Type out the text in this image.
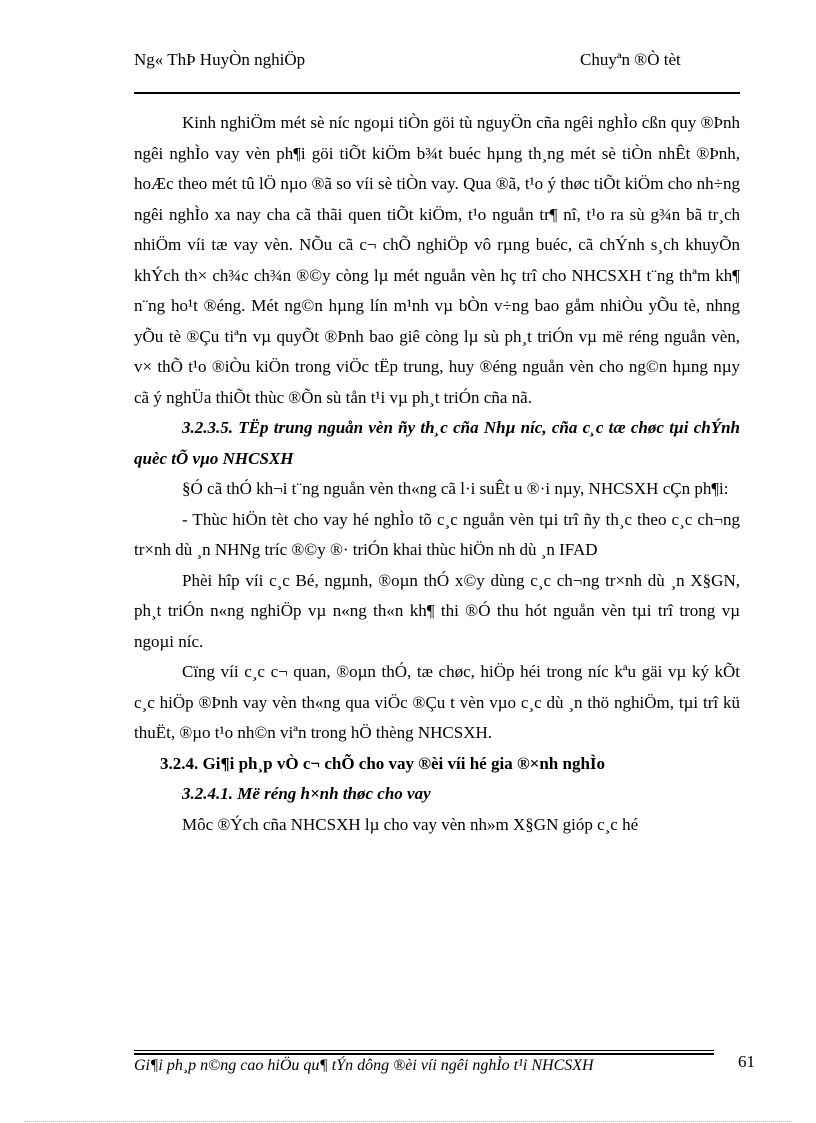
Ng« ThÞ HuyÒn nghiÖp	Chuyªn ®Ò tèt

Kinh nghiÖm mét sè níc ngoµi tiÒn göi tù nguyÖn cña ngêi nghÌo cßn quy ®Þnh ngêi nghÌo vay vèn ph¶i göi tiÕt kiÖm b¾t buéc hµng th¸ng mét sè tiÒn nhÊt ®Þnh, hoÆc theo mét tû lÖ nµo ®ã so víi sè tiÒn vay. Qua ®ã, t¹o ý thøc tiÕt kiÖm cho nh÷ng ngêi nghÌo xa nay cha cã thãi quen tiÕt kiÖm, t¹o nguån tr¶ nî, t¹o ra sù g¾n bã tr¸ch nhiÖm víi tæ vay vèn. NÕu cã c¬ chÕ nghiÖp vô rµng buéc, cã chÝnh s¸ch khuyÕn khÝch th× ch¾c ch¾n ®©y còng lµ mét nguån vèn hç trî cho NHCSXH t¨ng thªm kh¶ n¨ng ho¹t ®éng. Mét ng©n hµng lín m¹nh vµ bÒn v÷ng bao gåm nhiÒu yÕu tè, nhng yÕu tè ®Çu tiªn vµ quyÕt ®Þnh bao giê còng lµ sù ph¸t triÓn vµ më réng nguån vèn, v× thÕ t¹o ®iÒu kiÖn trong viÖc tËp trung, huy ®éng nguån vèn cho ng©n hµng nµy cã ý nghÜa thiÕt thùc ®Õn sù tån t¹i vµ ph¸t triÓn cña nã.

3.2.3.5. TËp trung nguån vèn ñy th¸c cña Nhµ níc, cña c¸c tæ chøc tµi chÝnh quèc tÕ vµo NHCSXH

§Ó cã thÓ kh¬i t¨ng nguån vèn th«ng cã l·i suÊt u ®·i nµy, NHCSXH cÇn ph¶i:

- Thùc hiÖn tèt cho vay hé nghÌo tõ c¸c nguån vèn tµi trî ñy th¸c theo c¸c ch¬ng tr×nh dù ¸n NHNg tríc ®©y ®· triÓn khai thùc hiÖn nh dù ¸n IFAD

Phèi hîp víi c¸c Bé, ngµnh, ®oµn thÓ x©y dùng c¸c ch¬ng tr×nh dù ¸n X§GN, ph¸t triÓn n«ng nghiÖp vµ n«ng th«n kh¶ thi ®Ó thu hót nguån vèn tµi trî trong vµ ngoµi níc.

Cïng víi c¸c c¬ quan, ®oµn thÓ, tæ chøc, hiÖp héi trong níc kªu gäi vµ ký kÕt c¸c hiÖp ®Þnh vay vèn th«ng qua viÖc ®Çu t vèn vµo c¸c dù ¸n thö nghiÖm, tµi trî kü thuËt, ®µo t¹o nh©n viªn trong hÖ thèng NHCSXH.

3.2.4. Gi¶i ph¸p vÒ c¬ chÕ cho vay ®èi víi hé gia ®×nh nghÌo

3.2.4.1. Më réng h×nh thøc cho vay

Môc ®Ých cña NHCSXH lµ cho vay vèn nh»m X§GN gióp c¸c hé

Gi¶i ph¸p n©ng cao hiÖu qu¶ tÝn dông ®èi víi ngêi nghÌo t¹i NHCSXH	61
